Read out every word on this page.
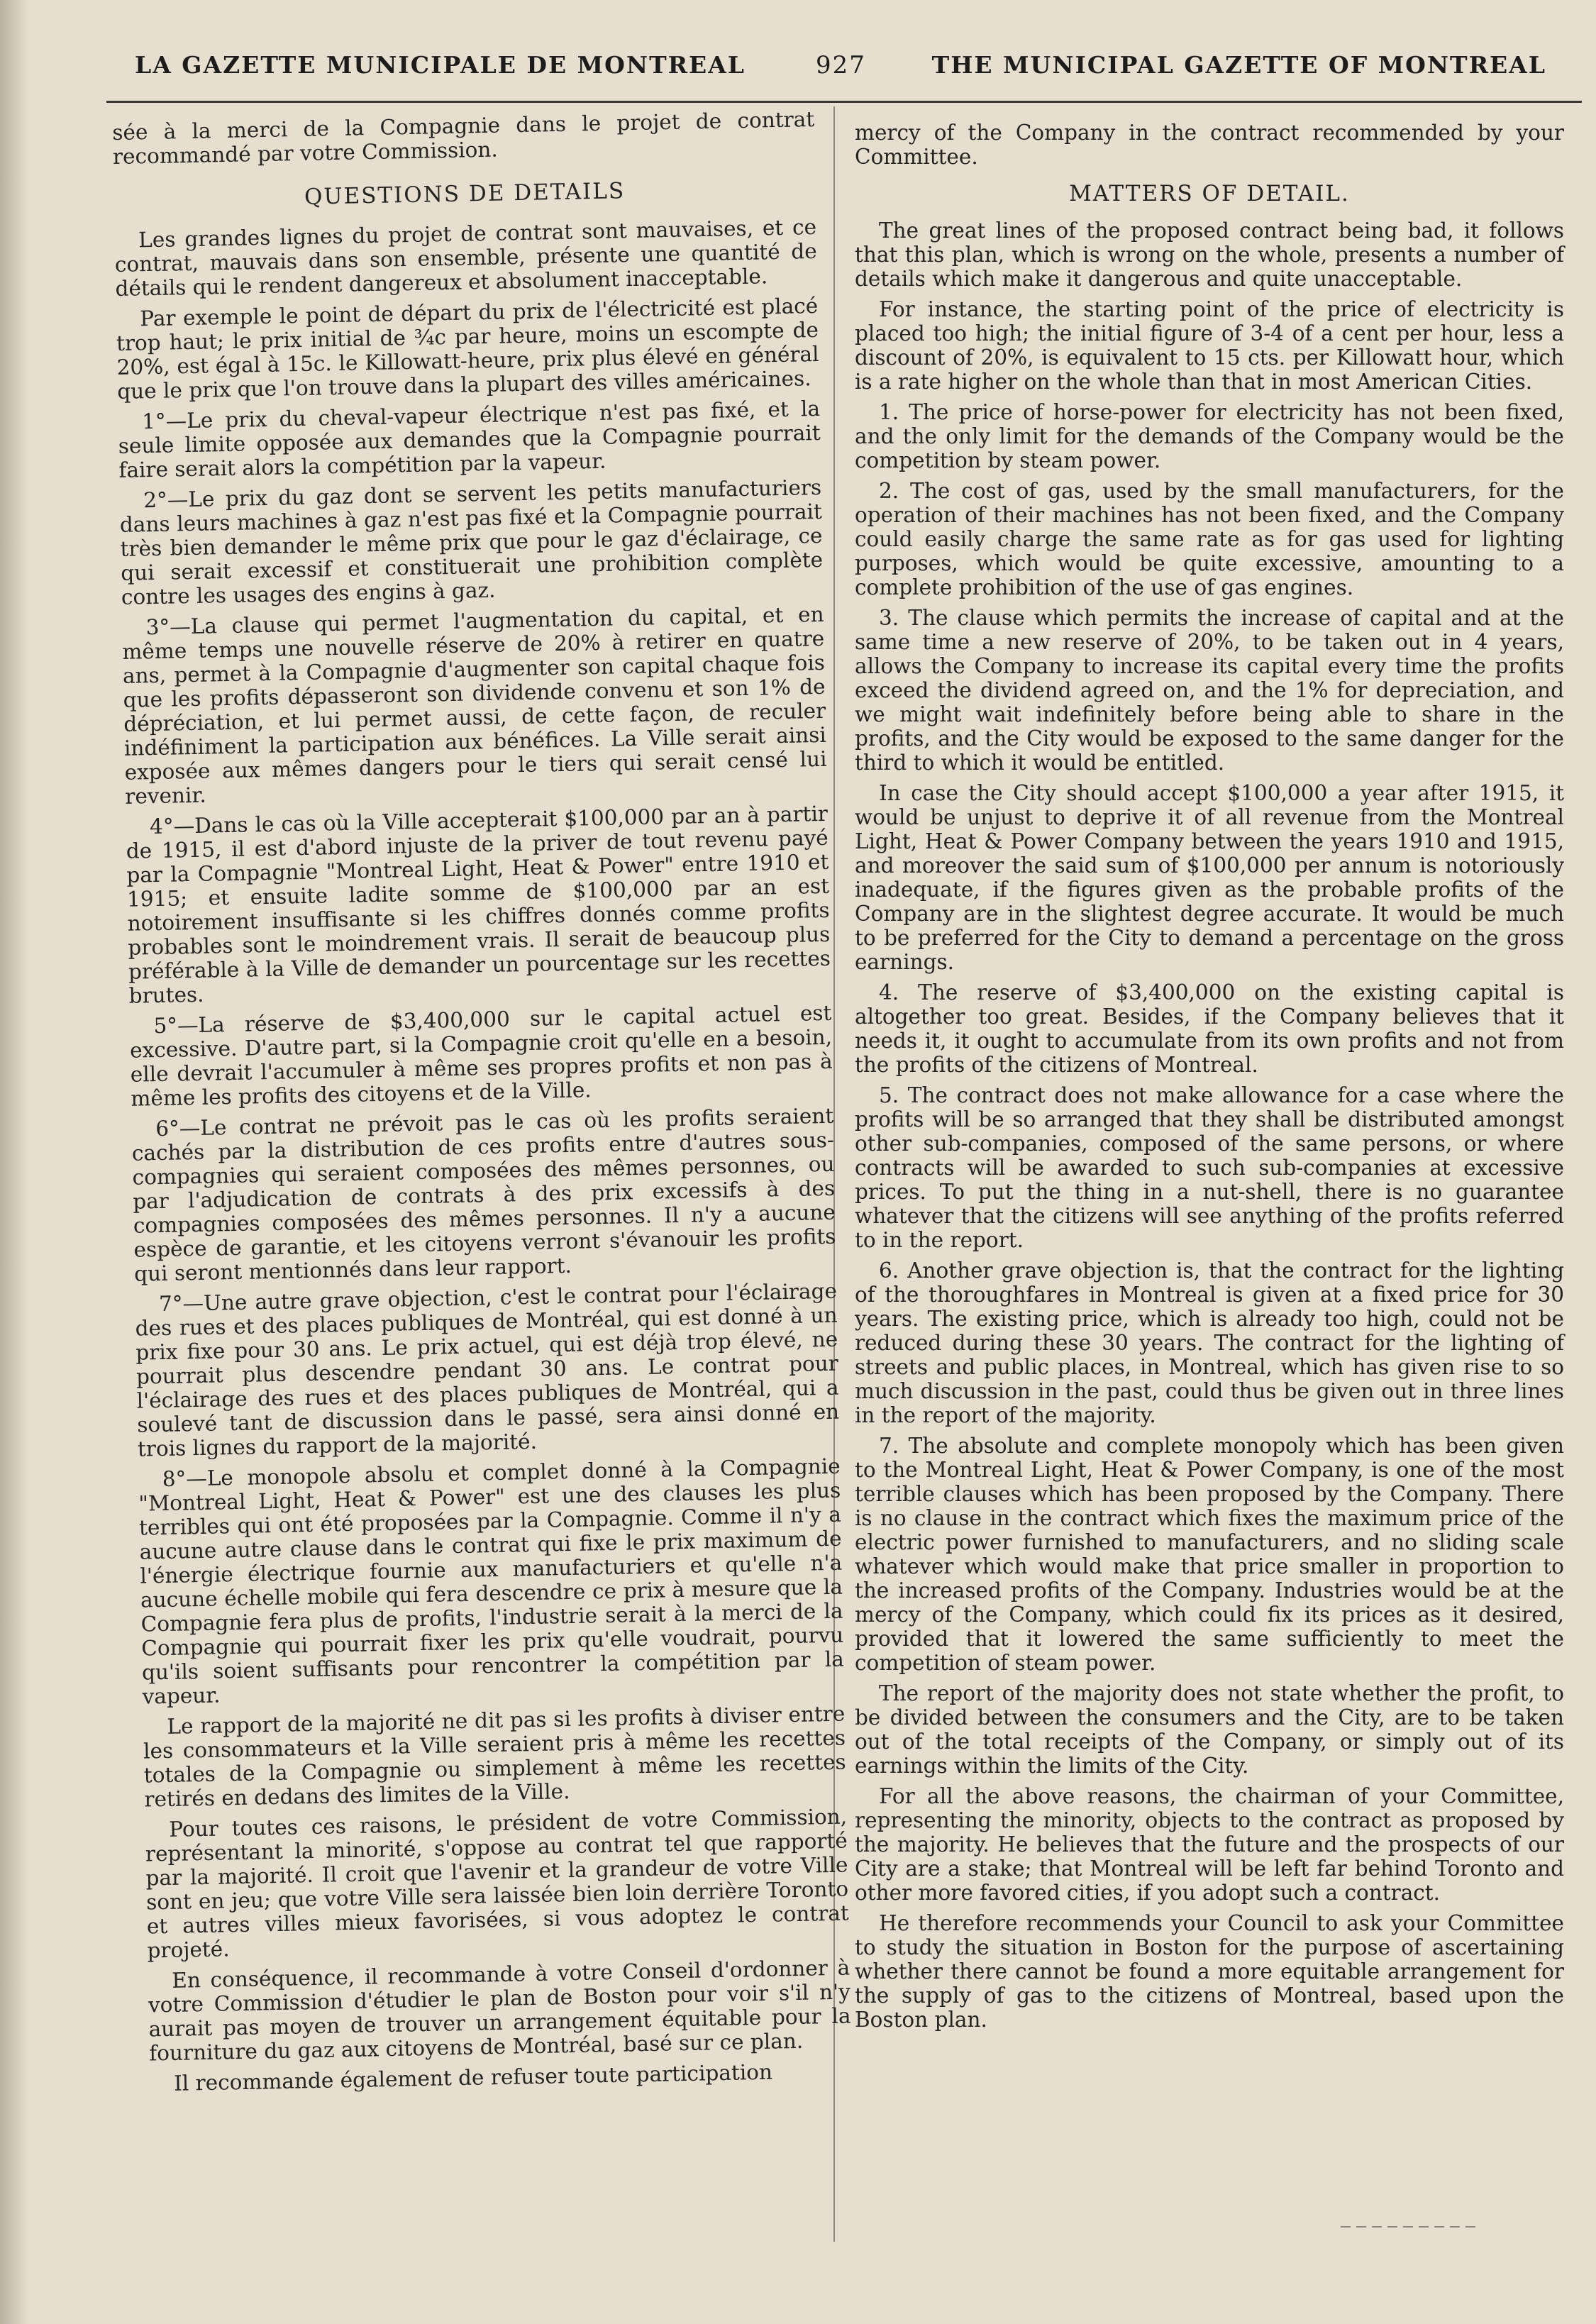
LA GAZETTE MUNICIPALE DE MONTREAL	927	THE MUNICIPAL GAZETTE OF MONTREAL

sée à la merci de la Compagnie dans le projet de contrat recommandé par votre Commission.

QUESTIONS DE DETAILS

Les grandes lignes du projet de contrat sont mauvaises, et ce contrat, mauvais dans son ensemble, présente une quantité de détails qui le rendent dangereux et absolument inacceptable.

Par exemple le point de départ du prix de l'électricité est placé trop haut; le prix initial de ¾c par heure, moins un escompte de 20%, est égal à 15c. le Killowatt-heure, prix plus élevé en général que le prix que l'on trouve dans la plupart des villes américaines.

1°—Le prix du cheval-vapeur électrique n'est pas fixé, et la seule limite opposée aux demandes que la Compagnie pourrait faire serait alors la compétition par la vapeur.

2°—Le prix du gaz dont se servent les petits manufacturiers dans leurs machines à gaz n'est pas fixé et la Compagnie pourrait très bien demander le même prix que pour le gaz d'éclairage, ce qui serait excessif et constituerait une prohibition complète contre les usages des engins à gaz.

3°—La clause qui permet l'augmentation du capital, et en même temps une nouvelle réserve de 20% à retirer en quatre ans, permet à la Compagnie d'augmenter son capital chaque fois que les profits dépasseront son dividende convenu et son 1% de dépréciation, et lui permet aussi, de cette façon, de reculer indéfiniment la participation aux bénéfices. La Ville serait ainsi exposée aux mêmes dangers pour le tiers qui serait censé lui revenir.

4°—Dans le cas où la Ville accepterait $100,000 par an à partir de 1915, il est d'abord injuste de la priver de tout revenu payé par la Compagnie "Montreal Light, Heat & Power" entre 1910 et 1915; et ensuite ladite somme de $100,000 par an est notoirement insuffisante si les chiffres donnés comme profits probables sont le moindrement vrais. Il serait de beaucoup plus préférable à la Ville de demander un pourcentage sur les recettes brutes.

5°—La réserve de $3,400,000 sur le capital actuel est excessive. D'autre part, si la Compagnie croit qu'elle en a besoin, elle devrait l'accumuler à même ses propres profits et non pas à même les profits des citoyens et de la Ville.

6°—Le contrat ne prévoit pas le cas où les profits seraient cachés par la distribution de ces profits entre d'autres sous-compagnies qui seraient composées des mêmes personnes, ou par l'adjudication de contrats à des prix excessifs à des compagnies composées des mêmes personnes. Il n'y a aucune espèce de garantie, et les citoyens verront s'évanouir les profits qui seront mentionnés dans leur rapport.

7°—Une autre grave objection, c'est le contrat pour l'éclairage des rues et des places publiques de Montréal, qui est donné à un prix fixe pour 30 ans. Le prix actuel, qui est déjà trop élevé, ne pourrait plus descendre pendant 30 ans. Le contrat pour l'éclairage des rues et des places publiques de Montréal, qui a soulevé tant de discussion dans le passé, sera ainsi donné en trois lignes du rapport de la majorité.

8°—Le monopole absolu et complet donné à la Compagnie "Montreal Light, Heat & Power" est une des clauses les plus terribles qui ont été proposées par la Compagnie. Comme il n'y a aucune autre clause dans le contrat qui fixe le prix maximum de l'énergie électrique fournie aux manufacturiers et qu'elle n'a aucune échelle mobile qui fera descendre ce prix à mesure que la Compagnie fera plus de profits, l'industrie serait à la merci de la Compagnie qui pourrait fixer les prix qu'elle voudrait, pourvu qu'ils soient suffisants pour rencontrer la compétition par la vapeur.

Le rapport de la majorité ne dit pas si les profits à diviser entre les consommateurs et la Ville seraient pris à même les recettes totales de la Compagnie ou simplement à même les recettes retirés en dedans des limites de la Ville.

Pour toutes ces raisons, le président de votre Commission, représentant la minorité, s'oppose au contrat tel que rapporté par la majorité. Il croit que l'avenir et la grandeur de votre Ville sont en jeu; que votre Ville sera laissée bien loin derrière Toronto et autres villes mieux favorisées, si vous adoptez le contrat projeté.

En conséquence, il recommande à votre Conseil d'ordonner à votre Commission d'étudier le plan de Boston pour voir s'il n'y aurait pas moyen de trouver un arrangement équitable pour la fourniture du gaz aux citoyens de Montréal, basé sur ce plan.

Il recommande également de refuser toute participation

mercy of the Company in the contract recommended by your Committee.

MATTERS OF DETAIL.

The great lines of the proposed contract being bad, it follows that this plan, which is wrong on the whole, presents a number of details which make it dangerous and quite unacceptable.

For instance, the starting point of the price of electricity is placed too high; the initial figure of 3-4 of a cent per hour, less a discount of 20%, is equivalent to 15 cts. per Killowatt hour, which is a rate higher on the whole than that in most American Cities.

1. The price of horse-power for electricity has not been fixed, and the only limit for the demands of the Company would be the competition by steam power.

2. The cost of gas, used by the small manufacturers, for the operation of their machines has not been fixed, and the Company could easily charge the same rate as for gas used for lighting purposes, which would be quite excessive, amounting to a complete prohibition of the use of gas engines.

3. The clause which permits the increase of capital and at the same time a new reserve of 20%, to be taken out in 4 years, allows the Company to increase its capital every time the profits exceed the dividend agreed on, and the 1% for depreciation, and we might wait indefinitely before being able to share in the profits, and the City would be exposed to the same danger for the third to which it would be entitled.

In case the City should accept $100,000 a year after 1915, it would be unjust to deprive it of all revenue from the Montreal Light, Heat & Power Company between the years 1910 and 1915, and moreover the said sum of $100,000 per annum is notoriously inadequate, if the figures given as the probable profits of the Company are in the slightest degree accurate. It would be much to be preferred for the City to demand a percentage on the gross earnings.

4. The reserve of $3,400,000 on the existing capital is altogether too great. Besides, if the Company believes that it needs it, it ought to accumulate from its own profits and not from the profits of the citizens of Montreal.

5. The contract does not make allowance for a case where the profits will be so arranged that they shall be distributed amongst other sub-companies, composed of the same persons, or where contracts will be awarded to such sub-companies at excessive prices. To put the thing in a nut-shell, there is no guarantee whatever that the citizens will see anything of the profits referred to in the report.

6. Another grave objection is, that the contract for the lighting of the thoroughfares in Montreal is given at a fixed price for 30 years. The existing price, which is already too high, could not be reduced during these 30 years. The contract for the lighting of streets and public places, in Montreal, which has given rise to so much discussion in the past, could thus be given out in three lines in the report of the majority.

7. The absolute and complete monopoly which has been given to the Montreal Light, Heat & Power Company, is one of the most terrible clauses which has been proposed by the Company. There is no clause in the contract which fixes the maximum price of the electric power furnished to manufacturers, and no sliding scale whatever which would make that price smaller in proportion to the increased profits of the Company. Industries would be at the mercy of the Company, which could fix its prices as it desired, provided that it lowered the same sufficiently to meet the competition of steam power.

The report of the majority does not state whether the profit, to be divided between the consumers and the City, are to be taken out of the total receipts of the Company, or simply out of its earnings within the limits of the City.

For all the above reasons, the chairman of your Committee, representing the minority, objects to the contract as proposed by the majority. He believes that the future and the prospects of our City are a stake; that Montreal will be left far behind Toronto and other more favored cities, if you adopt such a contract.

He therefore recommends your Council to ask your Committee to study the situation in Boston for the purpose of ascertaining whether there cannot be found a more equitable arrangement for the supply of gas to the citizens of Montreal, based upon the Boston plan.
